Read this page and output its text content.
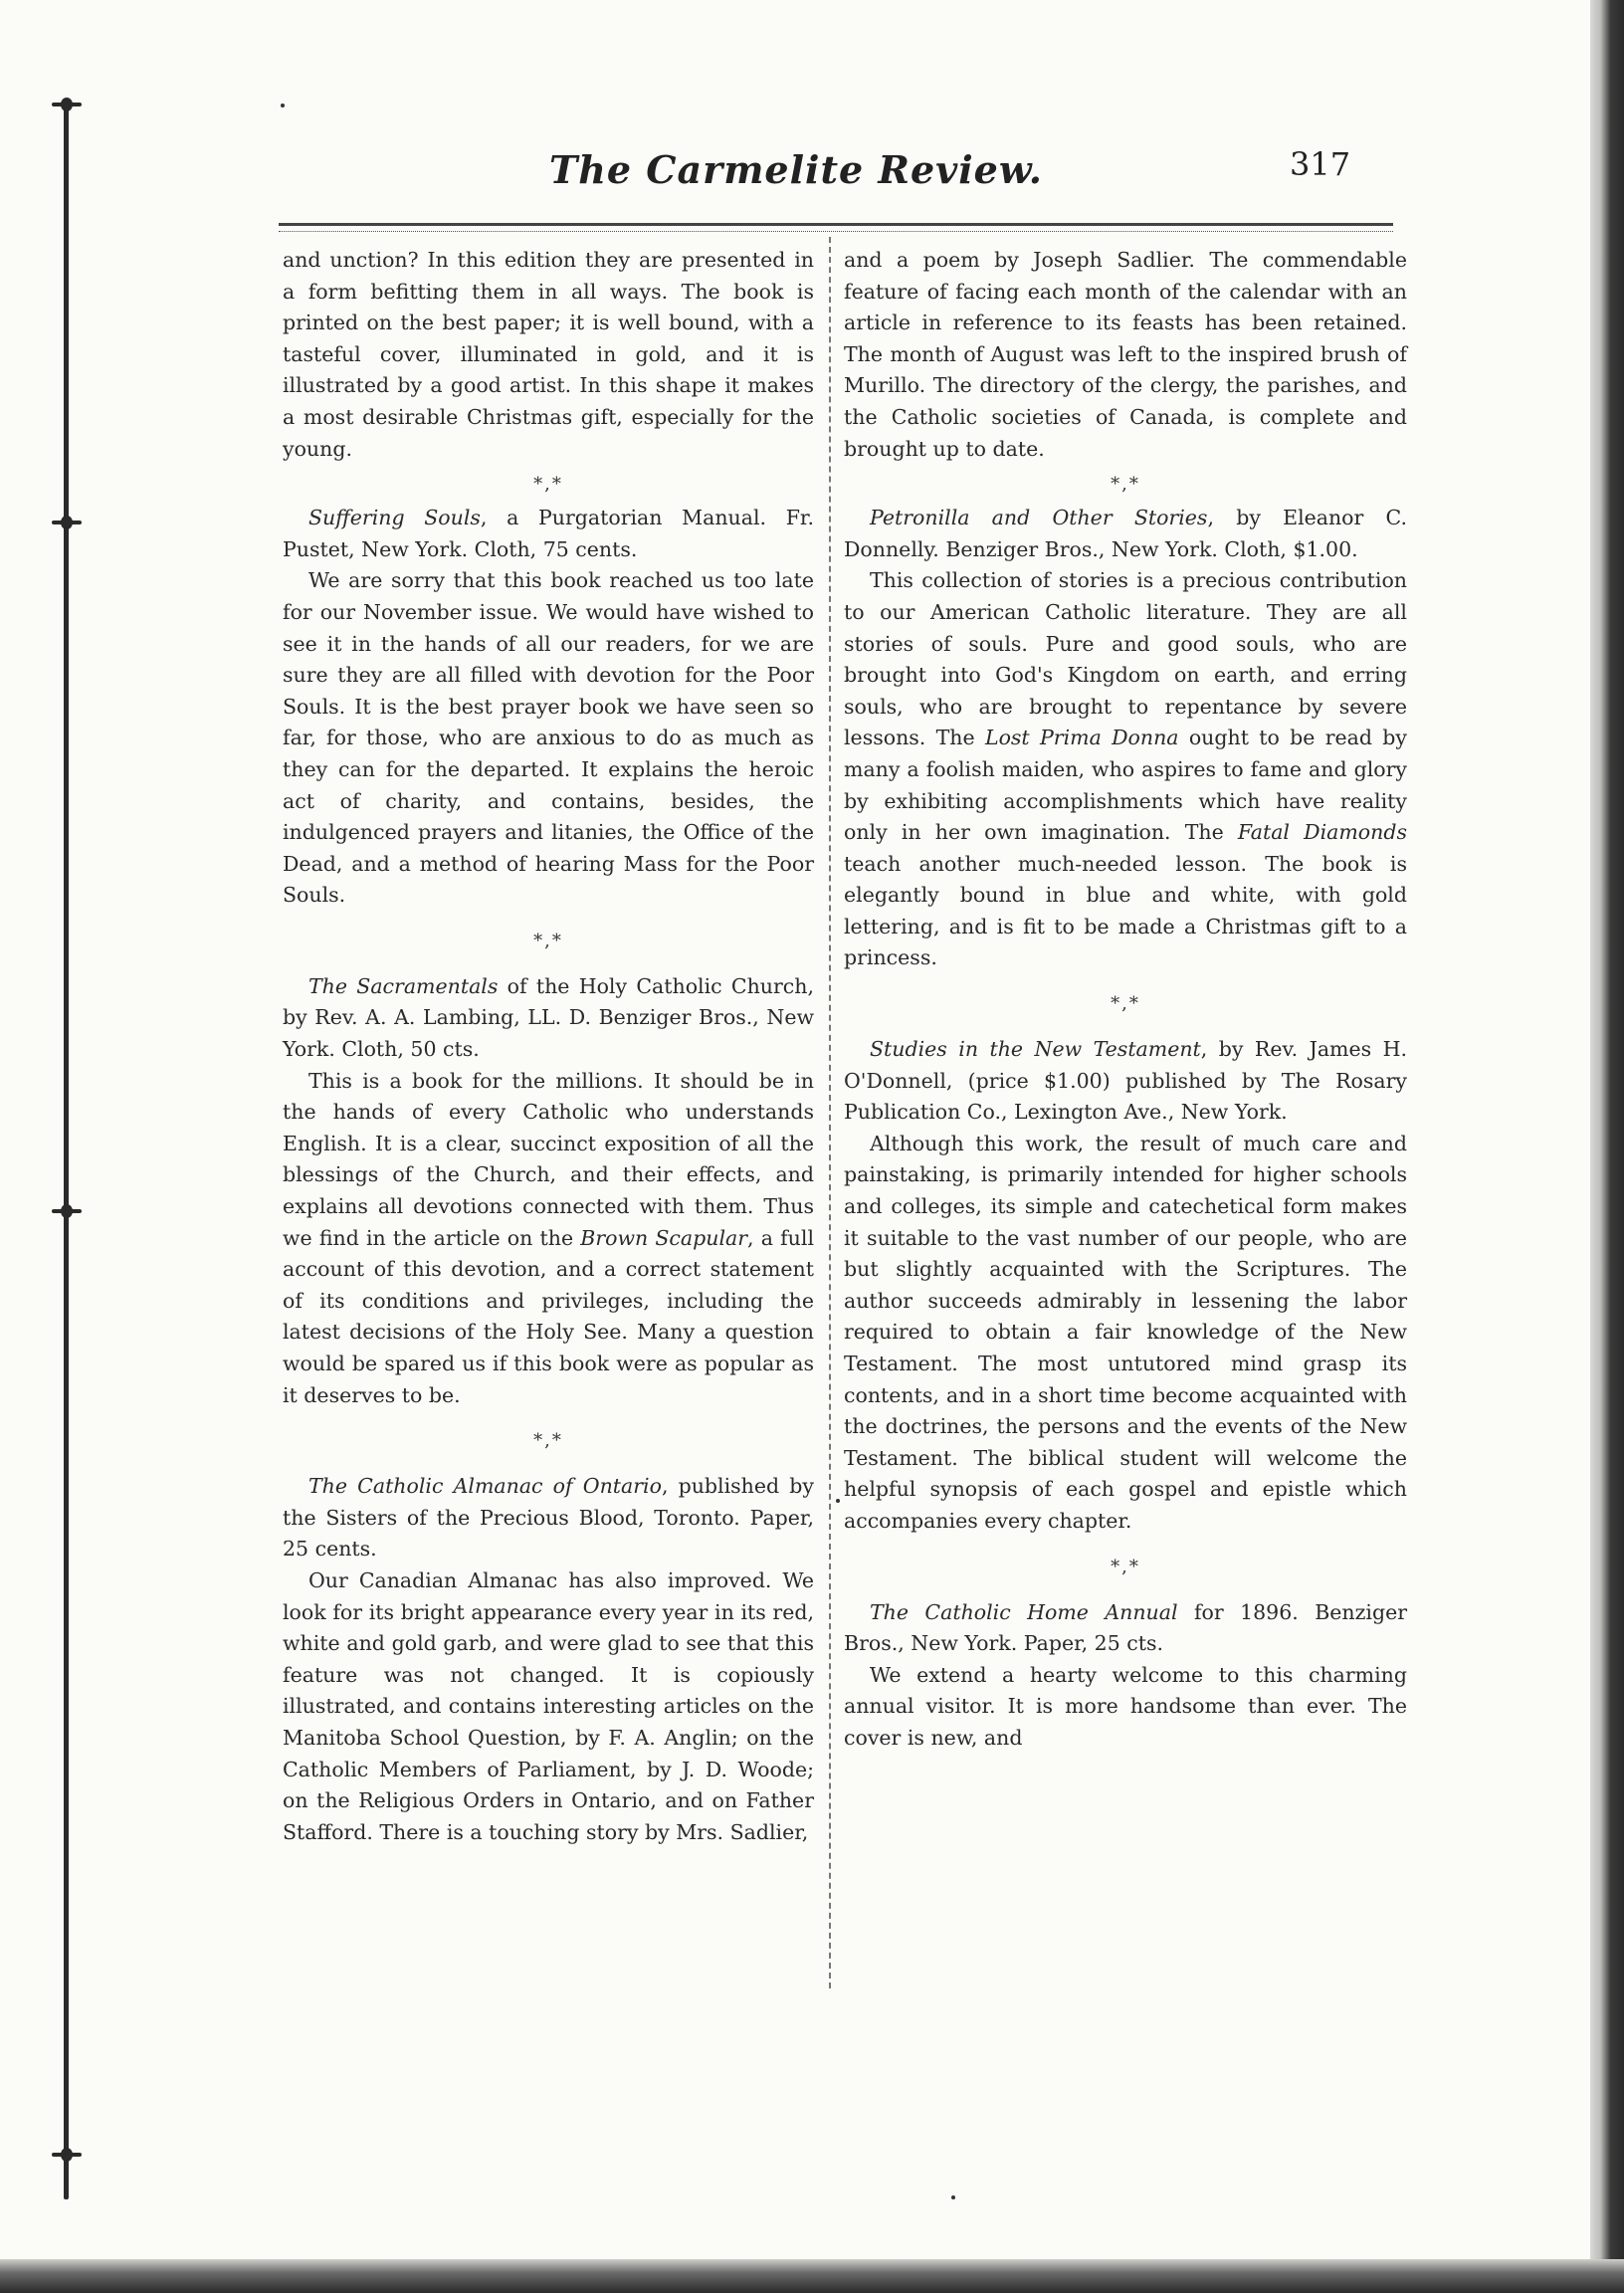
The Carmelite Review.	317

and unction? In this edition they are presented in a form befitting them in all ways. The book is printed on the best paper; it is well bound, with a tasteful cover, illuminated in gold, and it is illustrated by a good artist. In this shape it makes a most desirable Christmas gift, especially for the young.

*,*

Suffering Souls, a Purgatorian Manual. Fr. Pustet, New York. Cloth, 75 cents.

We are sorry that this book reached us too late for our November issue. We would have wished to see it in the hands of all our readers, for we are sure they are all filled with devotion for the Poor Souls. It is the best prayer book we have seen so far, for those, who are anxious to do as much as they can for the departed. It explains the heroic act of charity, and contains, besides, the indulgenced prayers and litanies, the Office of the Dead, and a method of hearing Mass for the Poor Souls.

*,*

The Sacramentals of the Holy Catholic Church, by Rev. A. A. Lambing, LL. D. Benziger Bros., New York. Cloth, 50 cts.

This is a book for the millions. It should be in the hands of every Catholic who understands English. It is a clear, succinct exposition of all the blessings of the Church, and their effects, and explains all devotions connected with them. Thus we find in the article on the Brown Scapular, a full account of this devotion, and a correct statement of its conditions and privileges, including the latest decisions of the Holy See. Many a question would be spared us if this book were as popular as it deserves to be.

*,*

The Catholic Almanac of Ontario, published by the Sisters of the Precious Blood, Toronto. Paper, 25 cents.

Our Canadian Almanac has also improved. We look for its bright appearance every year in its red, white and gold garb, and were glad to see that this feature was not changed. It is copiously illustrated, and contains interesting articles on the Manitoba School Question, by F. A. Anglin; on the Catholic Members of Parliament, by J. D. Woode; on the Religious Orders in Ontario, and on Father Stafford. There is a touching story by Mrs. Sadlier,

and a poem by Joseph Sadlier. The commendable feature of facing each month of the calendar with an article in reference to its feasts has been retained. The month of August was left to the inspired brush of Murillo. The directory of the clergy, the parishes, and the Catholic societies of Canada, is complete and brought up to date.

*,*

Petronilla and Other Stories, by Eleanor C. Donnelly. Benziger Bros., New York. Cloth, $1.00.

This collection of stories is a precious contribution to our American Catholic literature. They are all stories of souls. Pure and good souls, who are brought into God's Kingdom on earth, and erring souls, who are brought to repentance by severe lessons. The Lost Prima Donna ought to be read by many a foolish maiden, who aspires to fame and glory by exhibiting accomplishments which have reality only in her own imagination. The Fatal Diamonds teach another much-needed lesson. The book is elegantly bound in blue and white, with gold lettering, and is fit to be made a Christmas gift to a princess.

*,*

Studies in the New Testament, by Rev. James H. O'Donnell, (price $1.00) published by The Rosary Publication Co., Lexington Ave., New York.

Although this work, the result of much care and painstaking, is primarily intended for higher schools and colleges, its simple and catechetical form makes it suitable to the vast number of our people, who are but slightly acquainted with the Scriptures. The author succeeds admirably in lessening the labor required to obtain a fair knowledge of the New Testament. The most untutored mind grasp its contents, and in a short time become acquainted with the doctrines, the persons and the events of the New Testament. The biblical student will welcome the helpful synopsis of each gospel and epistle which accompanies every chapter.

*,*

The Catholic Home Annual for 1896. Benziger Bros., New York. Paper, 25 cts.

We extend a hearty welcome to this charming annual visitor. It is more handsome than ever. The cover is new, and
